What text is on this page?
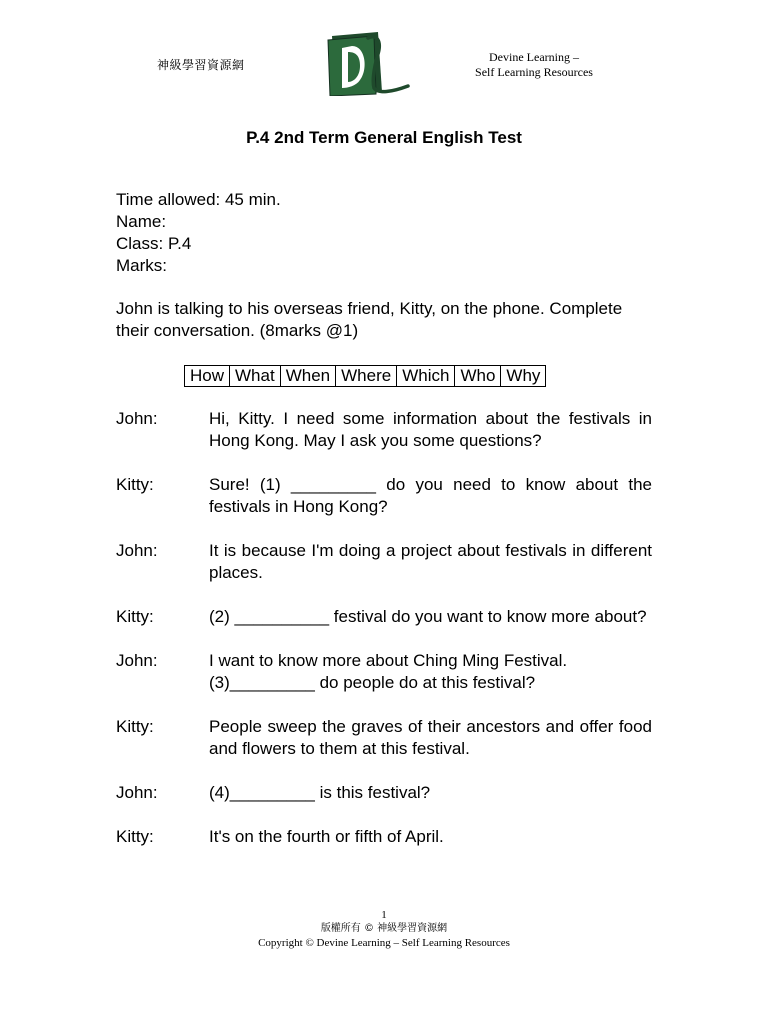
神級學習資源網
Devine Learning –
Self Learning Resources
P.4 2nd Term General English Test
Time allowed: 45 min.
Name:
Class: P.4
Marks:
John is talking to his overseas friend, Kitty, on the phone. Complete their conversation. (8marks @1)
How	What	When	Where	Which	Who	Why
John:	Hi, Kitty. I need some information about the festivals in Hong Kong. May I ask you some questions?
Kitty:	Sure! (1) _________ do you need to know about the festivals in Hong Kong?
John:	It is because I'm doing a project about festivals in different places.
Kitty:	(2) __________ festival do you want to know more about?
John:	I want to know more about Ching Ming Festival.
(3)_________ do people do at this festival?
Kitty:	People sweep the graves of their ancestors and offer food and flowers to them at this festival.
John:	(4)_________ is this festival?
Kitty:	It's on the fourth or fifth of April.
1
版權所有 © 神級學習資源網
Copyright © Devine Learning – Self Learning Resources
